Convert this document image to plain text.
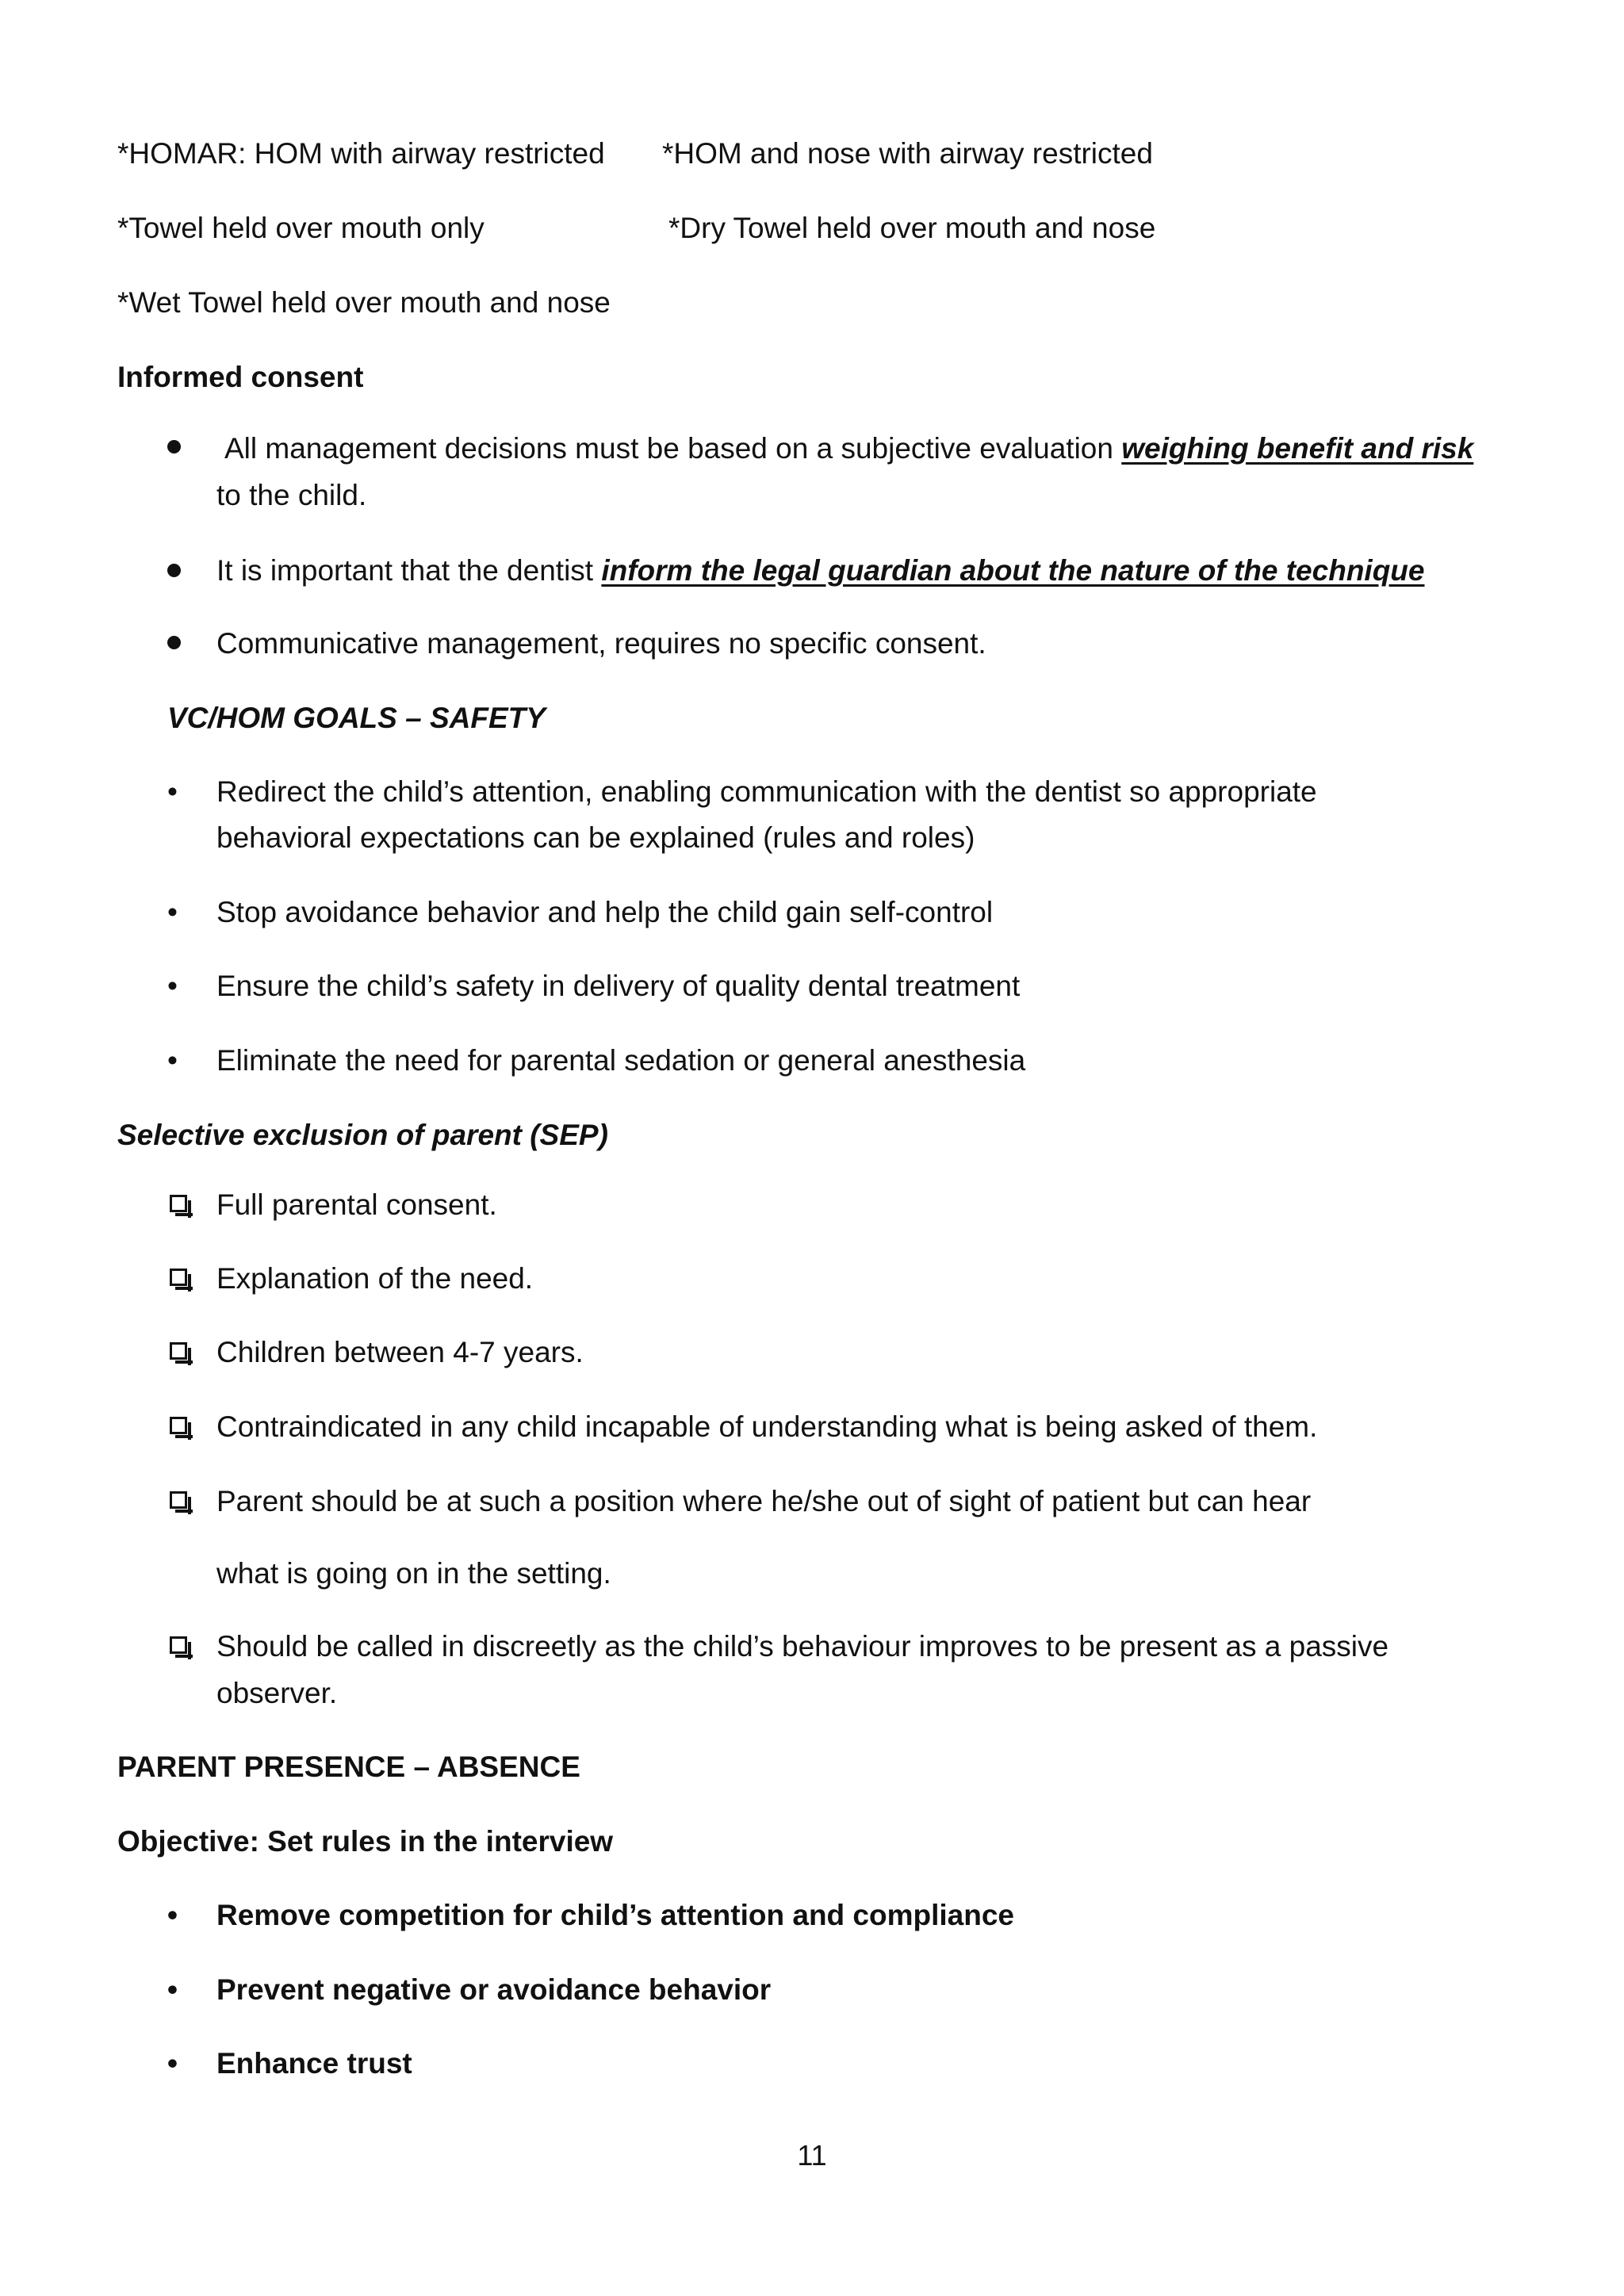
*HOMAR: HOM with airway restricted *HOM and nose with airway restricted
*Towel held over mouth only	*Dry Towel held over mouth and nose
*Wet Towel held over mouth and nose
Informed consent
All management decisions must be based on a subjective evaluation weighing benefit and risk
to the child.
It is important that the dentist inform the legal guardian about the nature of the technique
Communicative management, requires no specific consent.
VC/HOM GOALS – SAFETY
• Redirect the child’s attention, enabling communication with the dentist so appropriate
behavioral expectations can be explained (rules and roles)
• Stop avoidance behavior and help the child gain self-control
• Ensure the child’s safety in delivery of quality dental treatment
• Eliminate the need for parental sedation or general anesthesia
Selective exclusion of parent (SEP)
Full parental consent.
Explanation of the need.
Children between 4-7 years.
Contraindicated in any child incapable of understanding what is being asked of them.
Parent should be at such a position where he/she out of sight of patient but can hear
what is going on in the setting.
Should be called in discreetly as the child’s behaviour improves to be present as a passive
observer.
PARENT PRESENCE – ABSENCE
Objective: Set rules in the interview
• Remove competition for child’s attention and compliance
• Prevent negative or avoidance behavior
• Enhance trust
11
